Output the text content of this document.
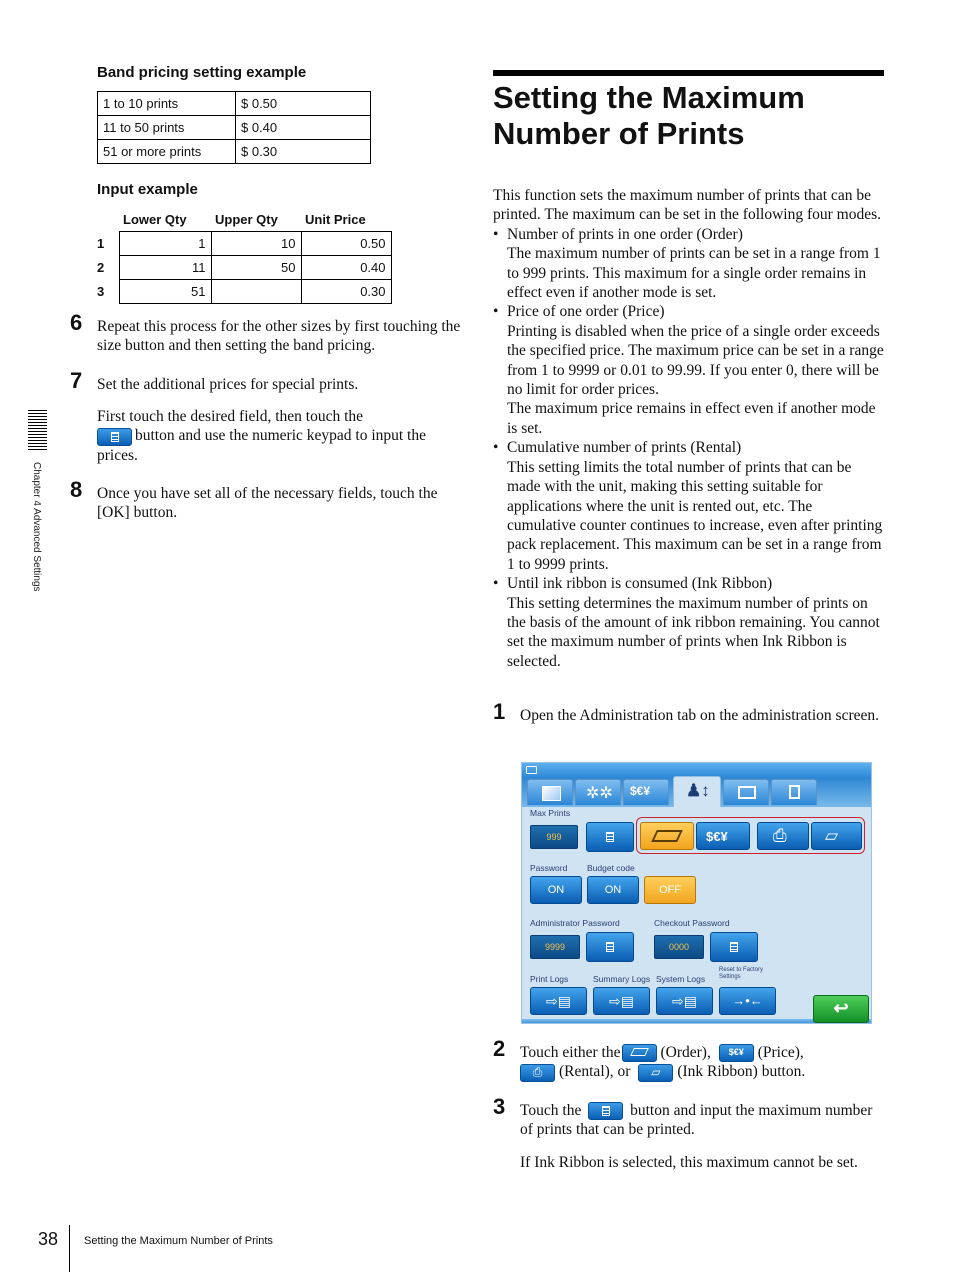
Band pricing setting example
1 to 10 prints	$ 0.50
11 to 50 prints	$ 0.40
51 or more prints	$ 0.30
Input example
	Lower Qty	Upper Qty	Unit Price
1	1	10	0.50
2	11	50	0.40
3	51		0.30
6 Repeat this process for the other sizes by first touching the size button and then setting the band pricing.
7 Set the additional prices for special prints.
First touch the desired field, then touch the
button and use the numeric keypad to input the prices.
8 Once you have set all of the necessary fields, touch the [OK] button.
Setting the Maximum Number of Prints
This function sets the maximum number of prints that can be printed. The maximum can be set in the following four modes.
• Number of prints in one order (Order)
The maximum number of prints can be set in a range from 1 to 999 prints. This maximum for a single order remains in effect even if another mode is set.
• Price of one order (Price)
Printing is disabled when the price of a single order exceeds the specified price. The maximum price can be set in a range from 1 to 9999 or 0.01 to 99.99. If you enter 0, there will be no limit for order prices.
The maximum price remains in effect even if another mode is set.
• Cumulative number of prints (Rental)
This setting limits the total number of prints that can be made with the unit, making this setting suitable for applications where the unit is rented out, etc. The cumulative counter continues to increase, even after printing pack replacement. This maximum can be set in a range from 1 to 9999 prints.
• Until ink ribbon is consumed (Ink Ribbon)
This setting determines the maximum number of prints on the basis of the amount of ink ribbon remaining. You cannot set the maximum number of prints when Ink Ribbon is selected.
1 Open the Administration tab on the administration screen.
✲✲ $€¥ ♟↕
Max Prints
999	$€¥	⎙ ▱
Password Budget code
ON	ON	OFF
Administrator Password
9999
Checkout Password
0000
Print Logs	Summary Logs System Logs
Reset to Factory Settings
⇨▤	⇨▤	⇨▤	→•←	↩
2 Touch either the	(Order), $€¥ (Price),
⎙ (Rental), or ▱ (Ink Ribbon) button.
3 Touch the	button and input the maximum number of prints that can be printed.
If Ink Ribbon is selected, this maximum cannot be set.
Chapter 4 Advanced Settings
38 Setting the Maximum Number of Prints
